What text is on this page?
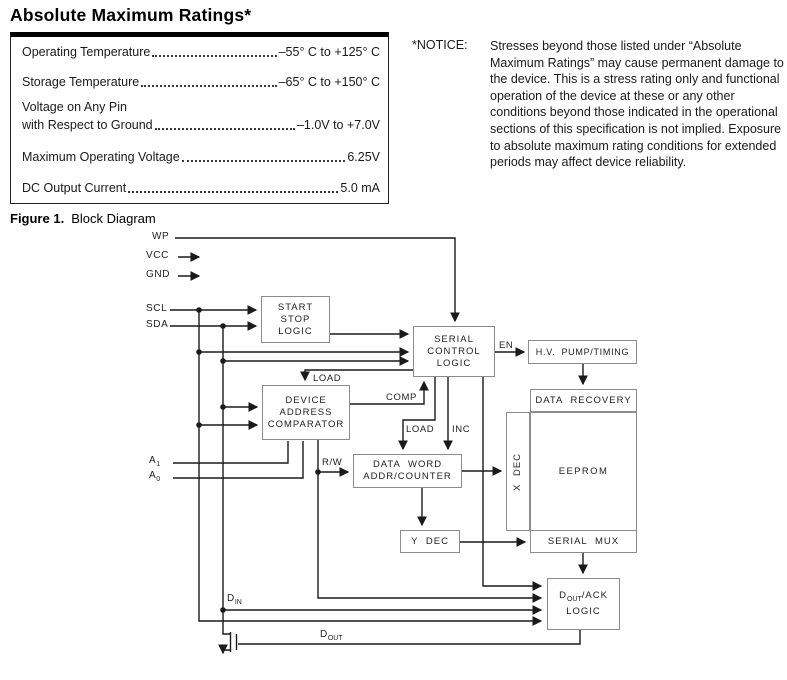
Absolute Maximum Ratings*
Operating Temperature	–55° C to +125° C
Storage Temperature	–65° C to +150° C
Voltage on Any Pin
with Respect to Ground	–1.0V to +7.0V
Maximum Operating Voltage	6.25V
DC Output Current	5.0 mA
*NOTICE: Stresses beyond those listed under “Absolute Maximum Ratings” may cause permanent damage to the device. This is a stress rating only and functional operation of the device at these or any other conditions beyond those indicated in the operational sections of this specification is not implied. Exposure to absolute maximum rating conditions for extended periods may affect device reliability.
Figure 1. Block Diagram
START
STOP
LOGIC
SERIAL
CONTROL
LOGIC
H.V. PUMP/TIMING
DATA RECOVERY
X DEC	EEPROM
SERIAL MUX
Y DEC
DATA WORD
ADDR/COUNTER
DEVICE
ADDRESS
COMPARATOR
$D_{OUT}$/ACK
LOGIC
WP
VCC
GND
SCL
SDA
$A_1$
$A_0$
$D_{IN}$
$D_{OUT}$
EN
LOAD
COMP
LOAD INC
R/W
